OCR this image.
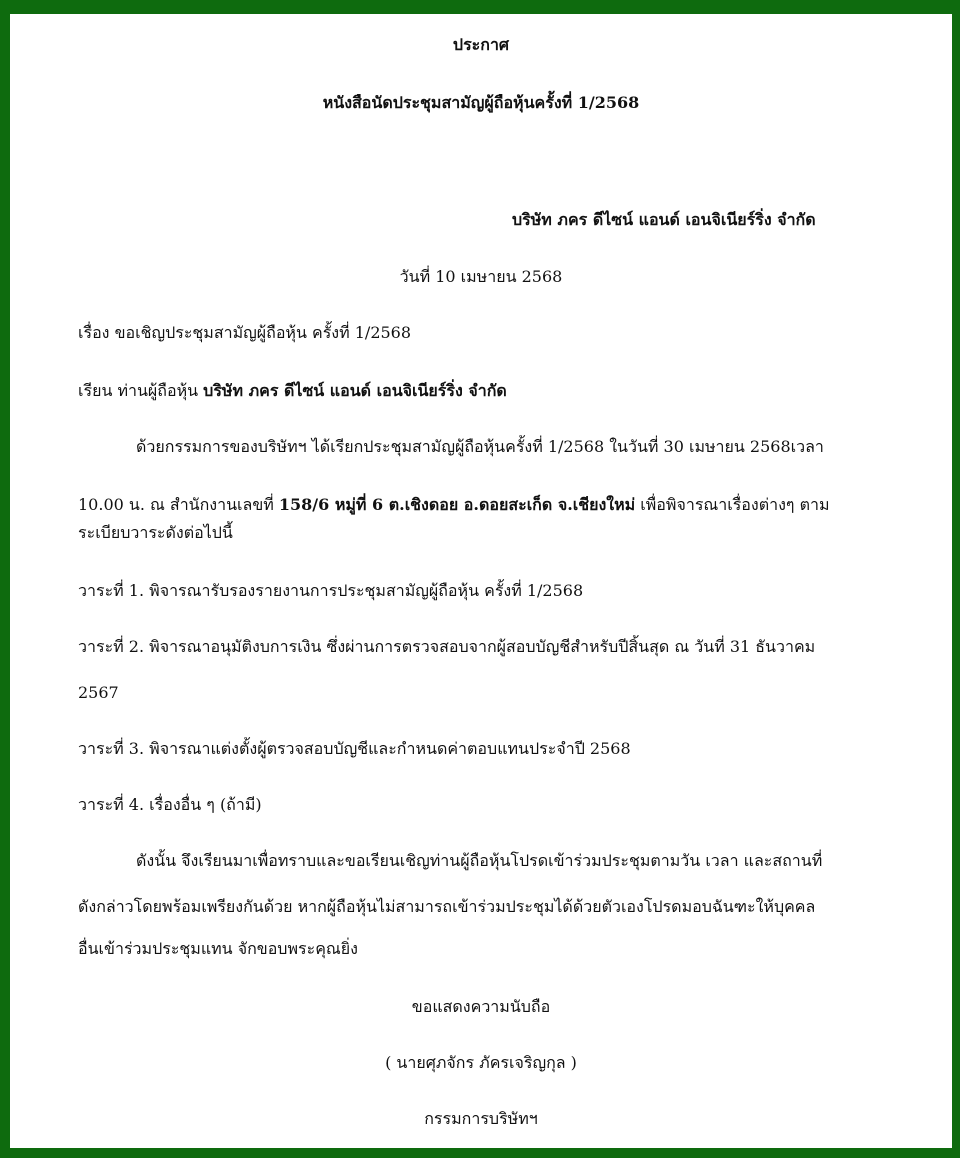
ประกาศ
หนังสือนัดประชุมสามัญผู้ถือหุ้นครั้งที่ 1/2568
บริษัท ภคร ดีไซน์ แอนด์ เอนจิเนียร์ริ่ง จำกัด
วันที่ 10 เมษายน 2568
เรื่อง ขอเชิญประชุมสามัญผู้ถือหุ้น ครั้งที่ 1/2568
เรียน ท่านผู้ถือหุ้น บริษัท ภคร ดีไซน์ แอนด์ เอนจิเนียร์ริ่ง จำกัด
ด้วยกรรมการของบริษัทฯ ได้เรียกประชุมสามัญผู้ถือหุ้นครั้งที่ 1/2568 ในวันที่ 30 เมษายน 2568เวลา
10.00 น. ณ สำนักงานเลขที่ 158/6 หมู่ที่ 6 ต.เชิงดอย อ.ดอยสะเก็ด จ.เชียงใหม่ เพื่อพิจารณาเรื่องต่างๆ ตาม
ระเบียบวาระดังต่อไปนี้
วาระที่ 1. พิจารณารับรองรายงานการประชุมสามัญผู้ถือหุ้น ครั้งที่ 1/2568
วาระที่ 2. พิจารณาอนุมัติงบการเงิน ซึ่งผ่านการตรวจสอบจากผู้สอบบัญชีสำหรับปีสิ้นสุด ณ วันที่ 31 ธันวาคม
2567
วาระที่ 3. พิจารณาแต่งตั้งผู้ตรวจสอบบัญชีและกำหนดค่าตอบแทนประจำปี 2568
วาระที่ 4. เรื่องอื่น ๆ (ถ้ามี)
ดังนั้น จึงเรียนมาเพื่อทราบและขอเรียนเชิญท่านผู้ถือหุ้นโปรดเข้าร่วมประชุมตามวัน เวลา และสถานที่
ดังกล่าวโดยพร้อมเพรียงกันด้วย หากผู้ถือหุ้นไม่สามารถเข้าร่วมประชุมได้ด้วยตัวเองโปรดมอบฉันฑะให้บุคคล
อื่นเข้าร่วมประชุมแทน จักขอบพระคุณยิ่ง
ขอแสดงความนับถือ
( นายศุภจักร ภัครเจริญกุล )
กรรมการบริษัทฯ
